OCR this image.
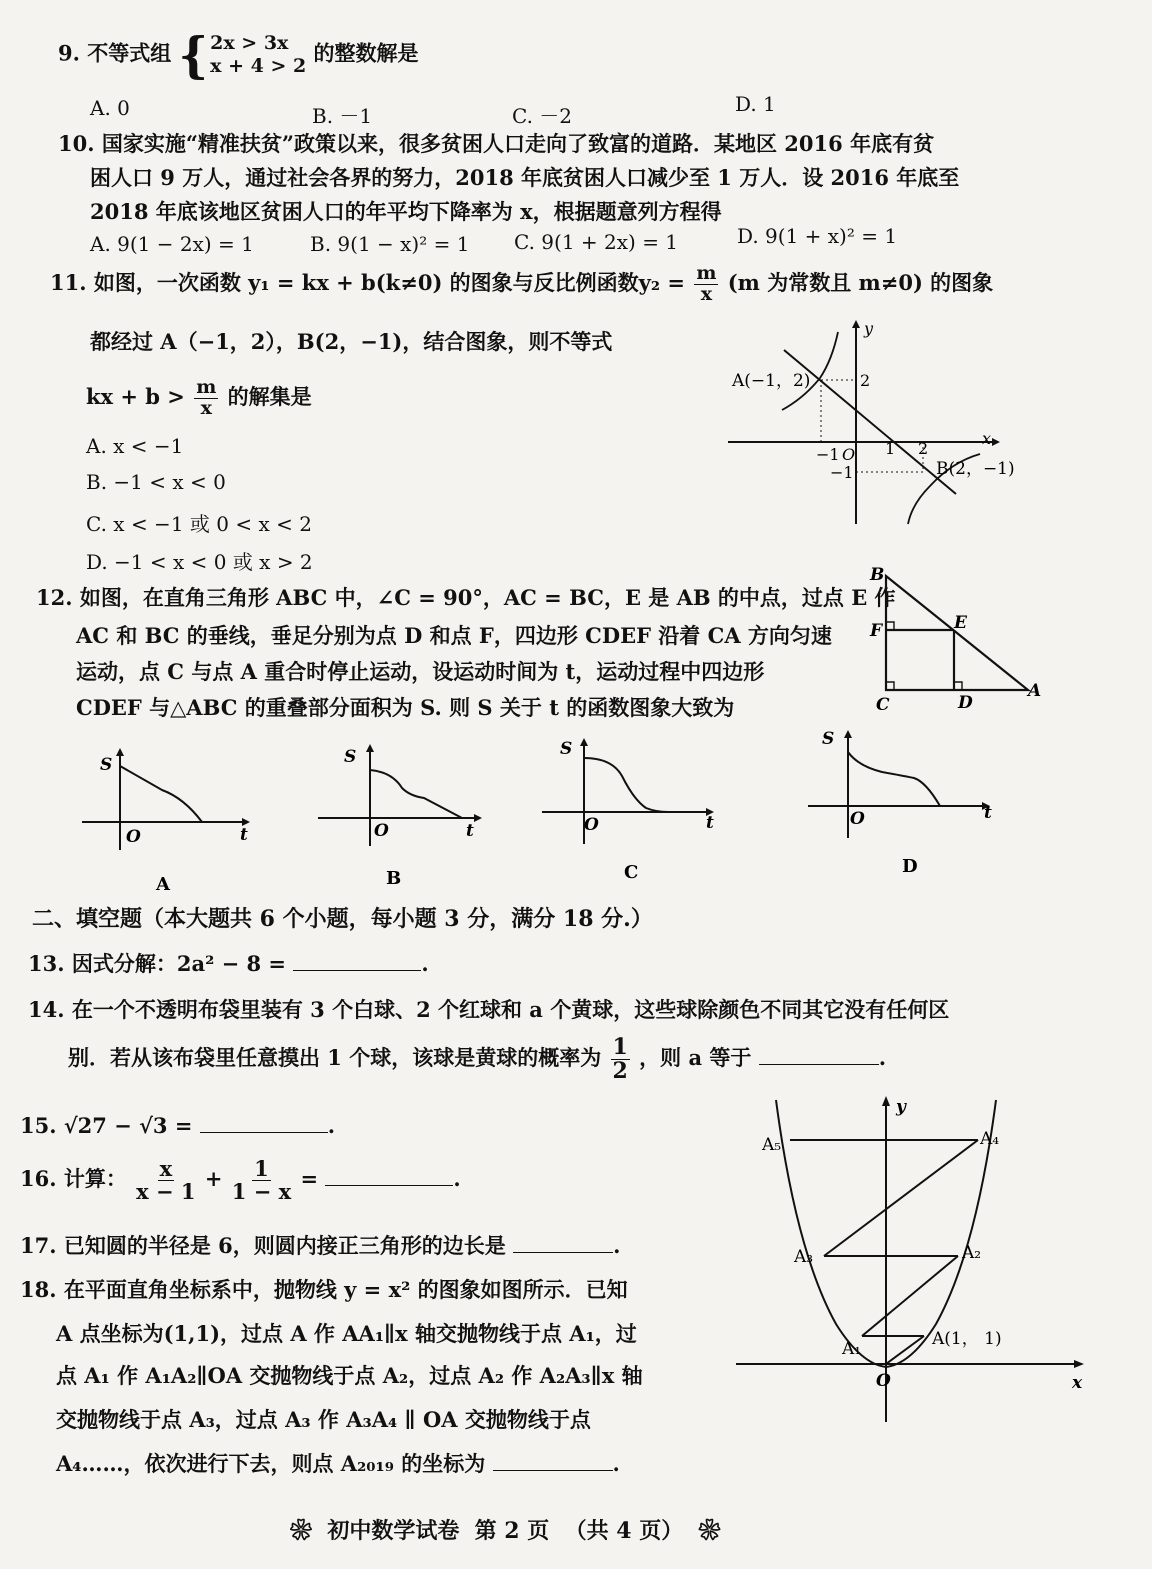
9. 不等式组 { 2x > 3x
x + 4 > 2
的整数解是
A. 0	B. －1	C. －2	D. 1
10. 国家实施“精准扶贫”政策以来，很多贫困人口走向了致富的道路．某地区 2016 年底有贫
困人口 9 万人，通过社会各界的努力，2018 年底贫困人口减少至 1 万人．设 2016 年底至
2018 年底该地区贫困人口的年平均下降率为 x，根据题意列方程得
A. 9(1 − 2x) = 1	B. 9(1 − x)² = 1 C. 9(1 + 2x) = 1	D. 9(1 + x)² = 1
11. 如图，一次函数 y₁ = kx + b(k≠0) 的图象与反比例函数$y_2 = \frac{m}{x} (m$ 为常数且 m≠0) 的图象
都经过 A（−1，2），B(2，−1)，结合图象，则不等式
kx + $b > \frac{m}{x}$ 的解集是
A. x < −1
B. −1 < x < 0
C. x < −1 或 0 < x < 2
D. −1 < x < 0 或 x > 2
y
x
A(−1，2)
B(2，−1)
2
−1
−1 O 1 2
12. 如图，在直角三角形 ABC 中，∠C = 90°，AC = BC，E 是 AB 的中点，过点 E 作
AC 和 BC 的垂线，垂足分别为点 D 和点 F，四边形 CDEF 沿着 CA 方向匀速
运动，点 C 与点 A 重合时停止运动，设运动时间为 t，运动过程中四边形
CDEF 与△ABC 的重叠部分面积为 S. 则 S 关于 t 的函数图象大致为
B
F	E
C	D
A
S
O	t
A
S
O	t
B
S
O	t
C
S
O	t
D
二、填空题（本大题共 6 个小题，每小题 3 分，满分 18 分.）
13. 因式分解：2a² − 8 =	.
14. 在一个不透明布袋里装有 3 个白球、2 个红球和 a 个黄球，这些球除颜色不同其它没有任何区
别．若从该布袋里任意摸出 1 个球，该球是黄球的概率为 $\frac{1}{2}$ ，则 a 等于	.
15. √27 − √3 =	.
16. 计算： $\frac{x}{x - 1} + \frac{1}{1 - x}$ =	.
17. 已知圆的半径是 6，则圆内接正三角形的边长是	.
18. 在平面直角坐标系中，抛物线 y = x² 的图象如图所示．已知
A 点坐标为(1,1)，过点 A 作 AA₁∥x 轴交抛物线于点 A₁，过
点 A₁ 作 A₁A₂∥OA 交抛物线于点 A₂，过点 A₂ 作 A₂A₃∥x 轴
交抛物线于点 A₃，过点 A₃ 作 A₃A₄ ∥ OA 交抛物线于点
A₄……，依次进行下去，则点 A₂₀₁₉ 的坐标为	.
y
x
O
A(1， 1)
A₁
A₂
A₃
A₄
A₅
❀  初中数学试卷  第 2 页  （共 4 页）  ❀
